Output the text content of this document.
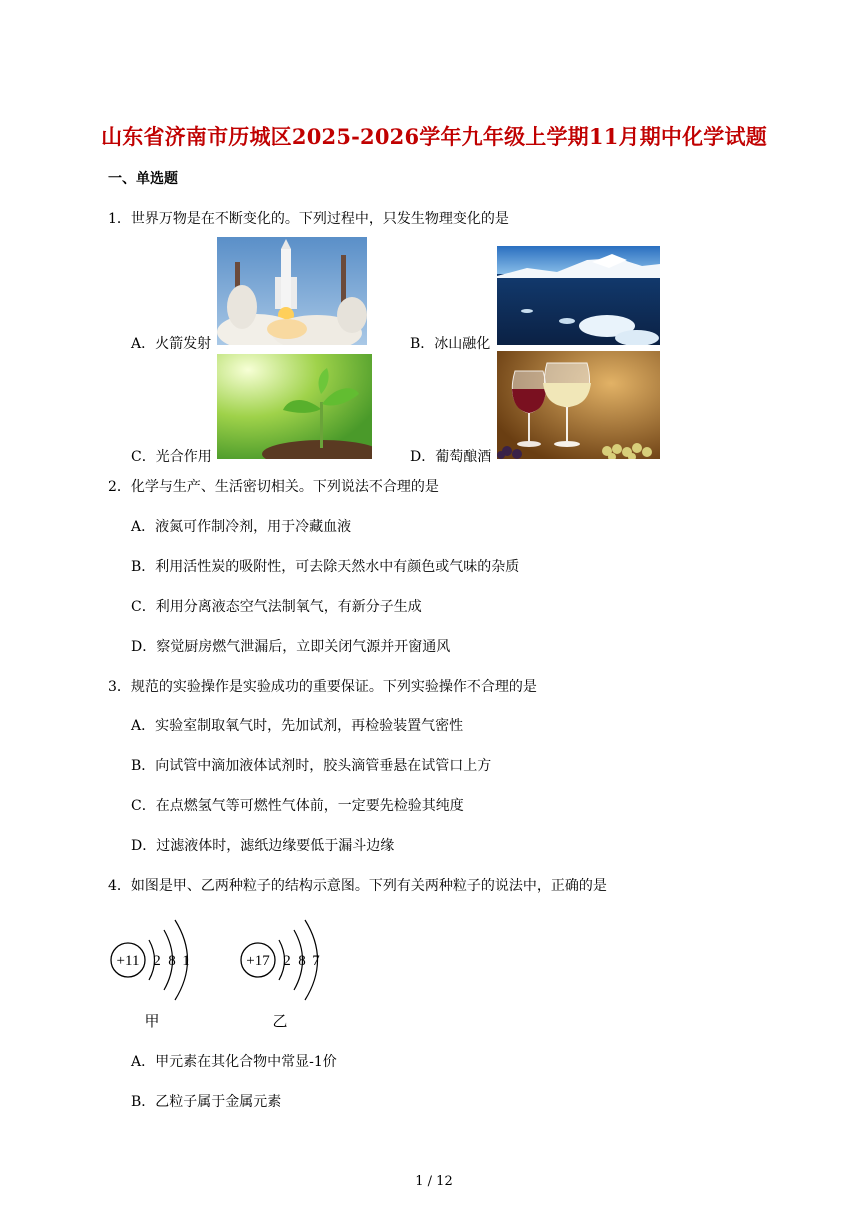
山东省济南市历城区2025-2026学年九年级上学期11月期中化学试题
一、单选题
1．世界万物是在不断变化的。下列过程中，只发生物理变化的是
A．火箭发射	B．冰山融化
C．光合作用	D．葡萄酿酒
2．化学与生产、生活密切相关。下列说法不合理的是
A．液氮可作制冷剂，用于冷藏血液
B．利用活性炭的吸附性，可去除天然水中有颜色或气味的杂质
C．利用分离液态空气法制氧气，有新分子生成
D．察觉厨房燃气泄漏后，立即关闭气源并开窗通风
3．规范的实验操作是实验成功的重要保证。下列实验操作不合理的是
A．实验室制取氧气时，先加试剂，再检验装置气密性
B．向试管中滴加液体试剂时，胶头滴管垂悬在试管口上方
C．在点燃氢气等可燃性气体前，一定要先检验其纯度
D．过滤液体时，滤纸边缘要低于漏斗边缘
4．如图是甲、乙两种粒子的结构示意图。下列有关两种粒子的说法中，正确的是
+11 2 8 1
甲
+17 2 8 7
乙
A．甲元素在其化合物中常显-1价
B．乙粒子属于金属元素
1 / 12
